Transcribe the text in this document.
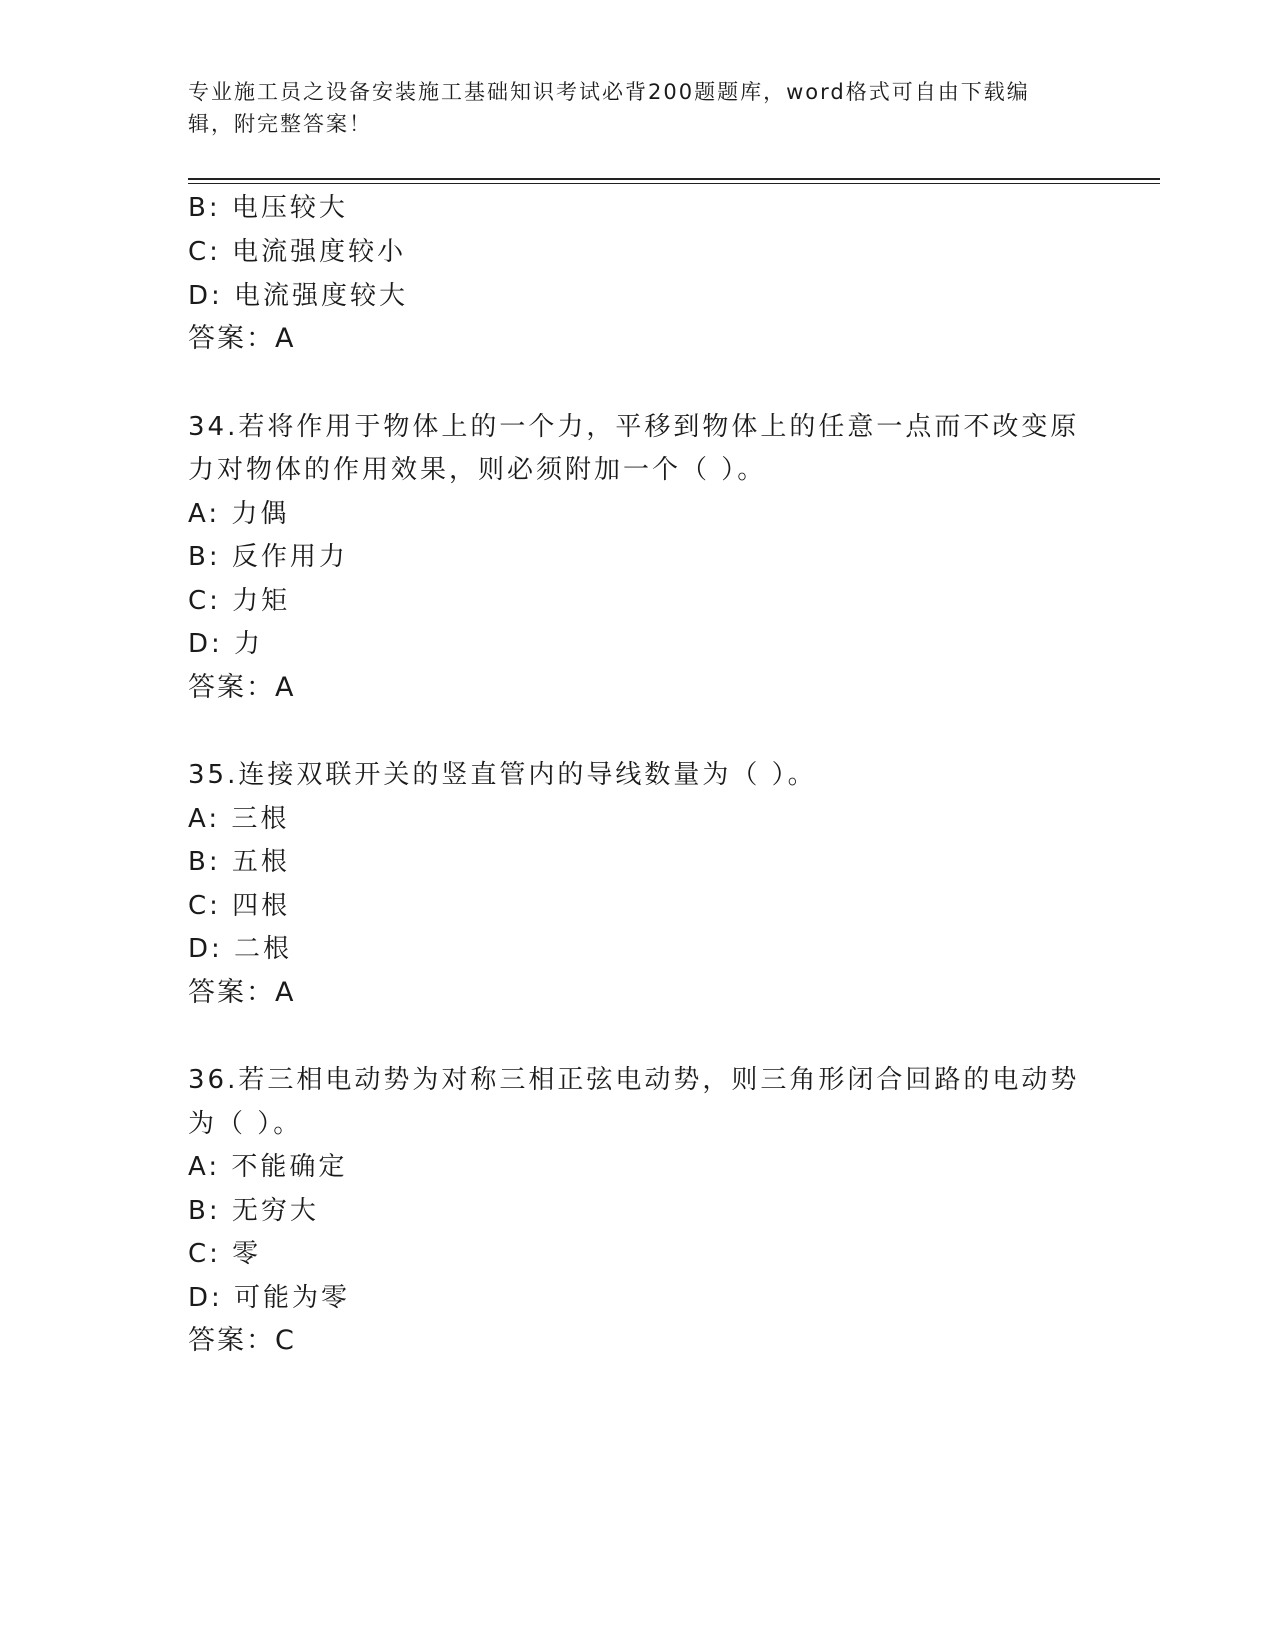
专业施工员之设备安装施工基础知识考试必背200题题库，word格式可自由下载编辑，附完整答案！
B: 电压较大
C: 电流强度较小
D: 电流强度较大
答案：A
34.若将作用于物体上的一个力，平移到物体上的任意一点而不改变原
力对物体的作用效果，则必须附加一个（ ）。
A: 力偶
B: 反作用力
C: 力矩
D: 力
答案：A
35.连接双联开关的竖直管内的导线数量为（ ）。
A: 三根
B: 五根
C: 四根
D: 二根
答案：A
36.若三相电动势为对称三相正弦电动势，则三角形闭合回路的电动势
为（ ）。
A: 不能确定
B: 无穷大
C: 零
D: 可能为零
答案：C
